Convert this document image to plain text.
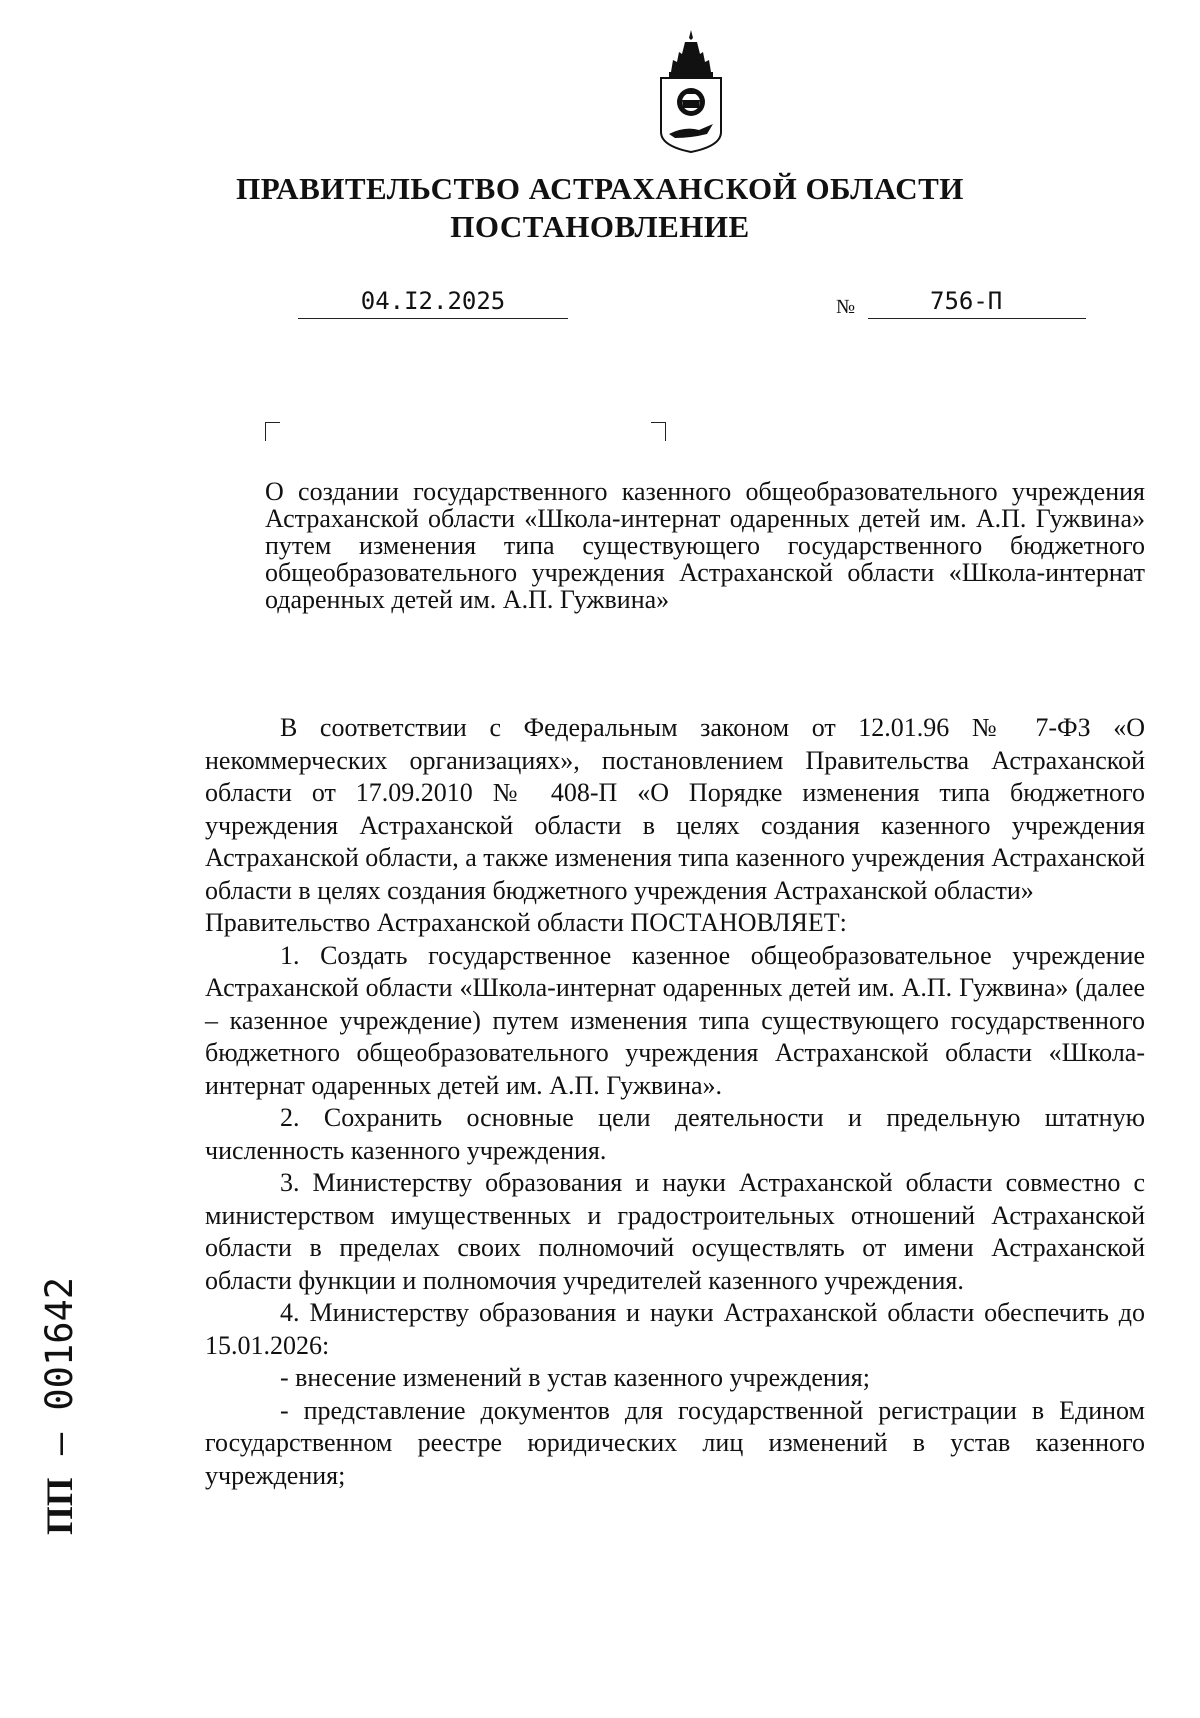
ПРАВИТЕЛЬСТВО АСТРАХАНСКОЙ ОБЛАСТИ
ПОСТАНОВЛЕНИЕ
04.I2.2025	№	756-П
О создании государственного казенного общеобразовательного учреждения Астраханской области «Школа-интернат одаренных детей им. А.П. Гужвина» путем изменения типа существующего государственного бюджетного общеобразовательного учреждения Астраханской области «Школа-интернат одаренных детей им. А.П. Гужвина»

В соответствии с Федеральным законом от 12.01.96 № 7-ФЗ «О некоммерческих организациях», постановлением Правительства Астраханской области от 17.09.2010 № 408-П «О Порядке изменения типа бюджетного учреждения Астраханской области в целях создания казенного учреждения Астраханской области, а также изменения типа казенного учреждения Астраханской области в целях создания бюджетного учреждения Астраханской области»

Правительство Астраханской области ПОСТАНОВЛЯЕТ:

1. Создать государственное казенное общеобразовательное учреждение Астраханской области «Школа-интернат одаренных детей им. А.П. Гужвина» (далее – казенное учреждение) путем изменения типа существующего государственного бюджетного общеобразовательного учреждения Астраханской области «Школа-интернат одаренных детей им. А.П. Гужвина».

2. Сохранить основные цели деятельности и предельную штатную численность казенного учреждения.

3. Министерству образования и науки Астраханской области совместно с министерством имущественных и градостроительных отношений Астраханской области в пределах своих полномочий осуществлять от имени Астраханской области функции и полномочия учредителей казенного учреждения.

4. Министерству образования и науки Астраханской области обеспечить до 15.01.2026:

- внесение изменений в устав казенного учреждения;

- представление документов для государственной регистрации в Едином государственном реестре юридических лиц изменений в устав казенного учреждения;

ПП – 001642
